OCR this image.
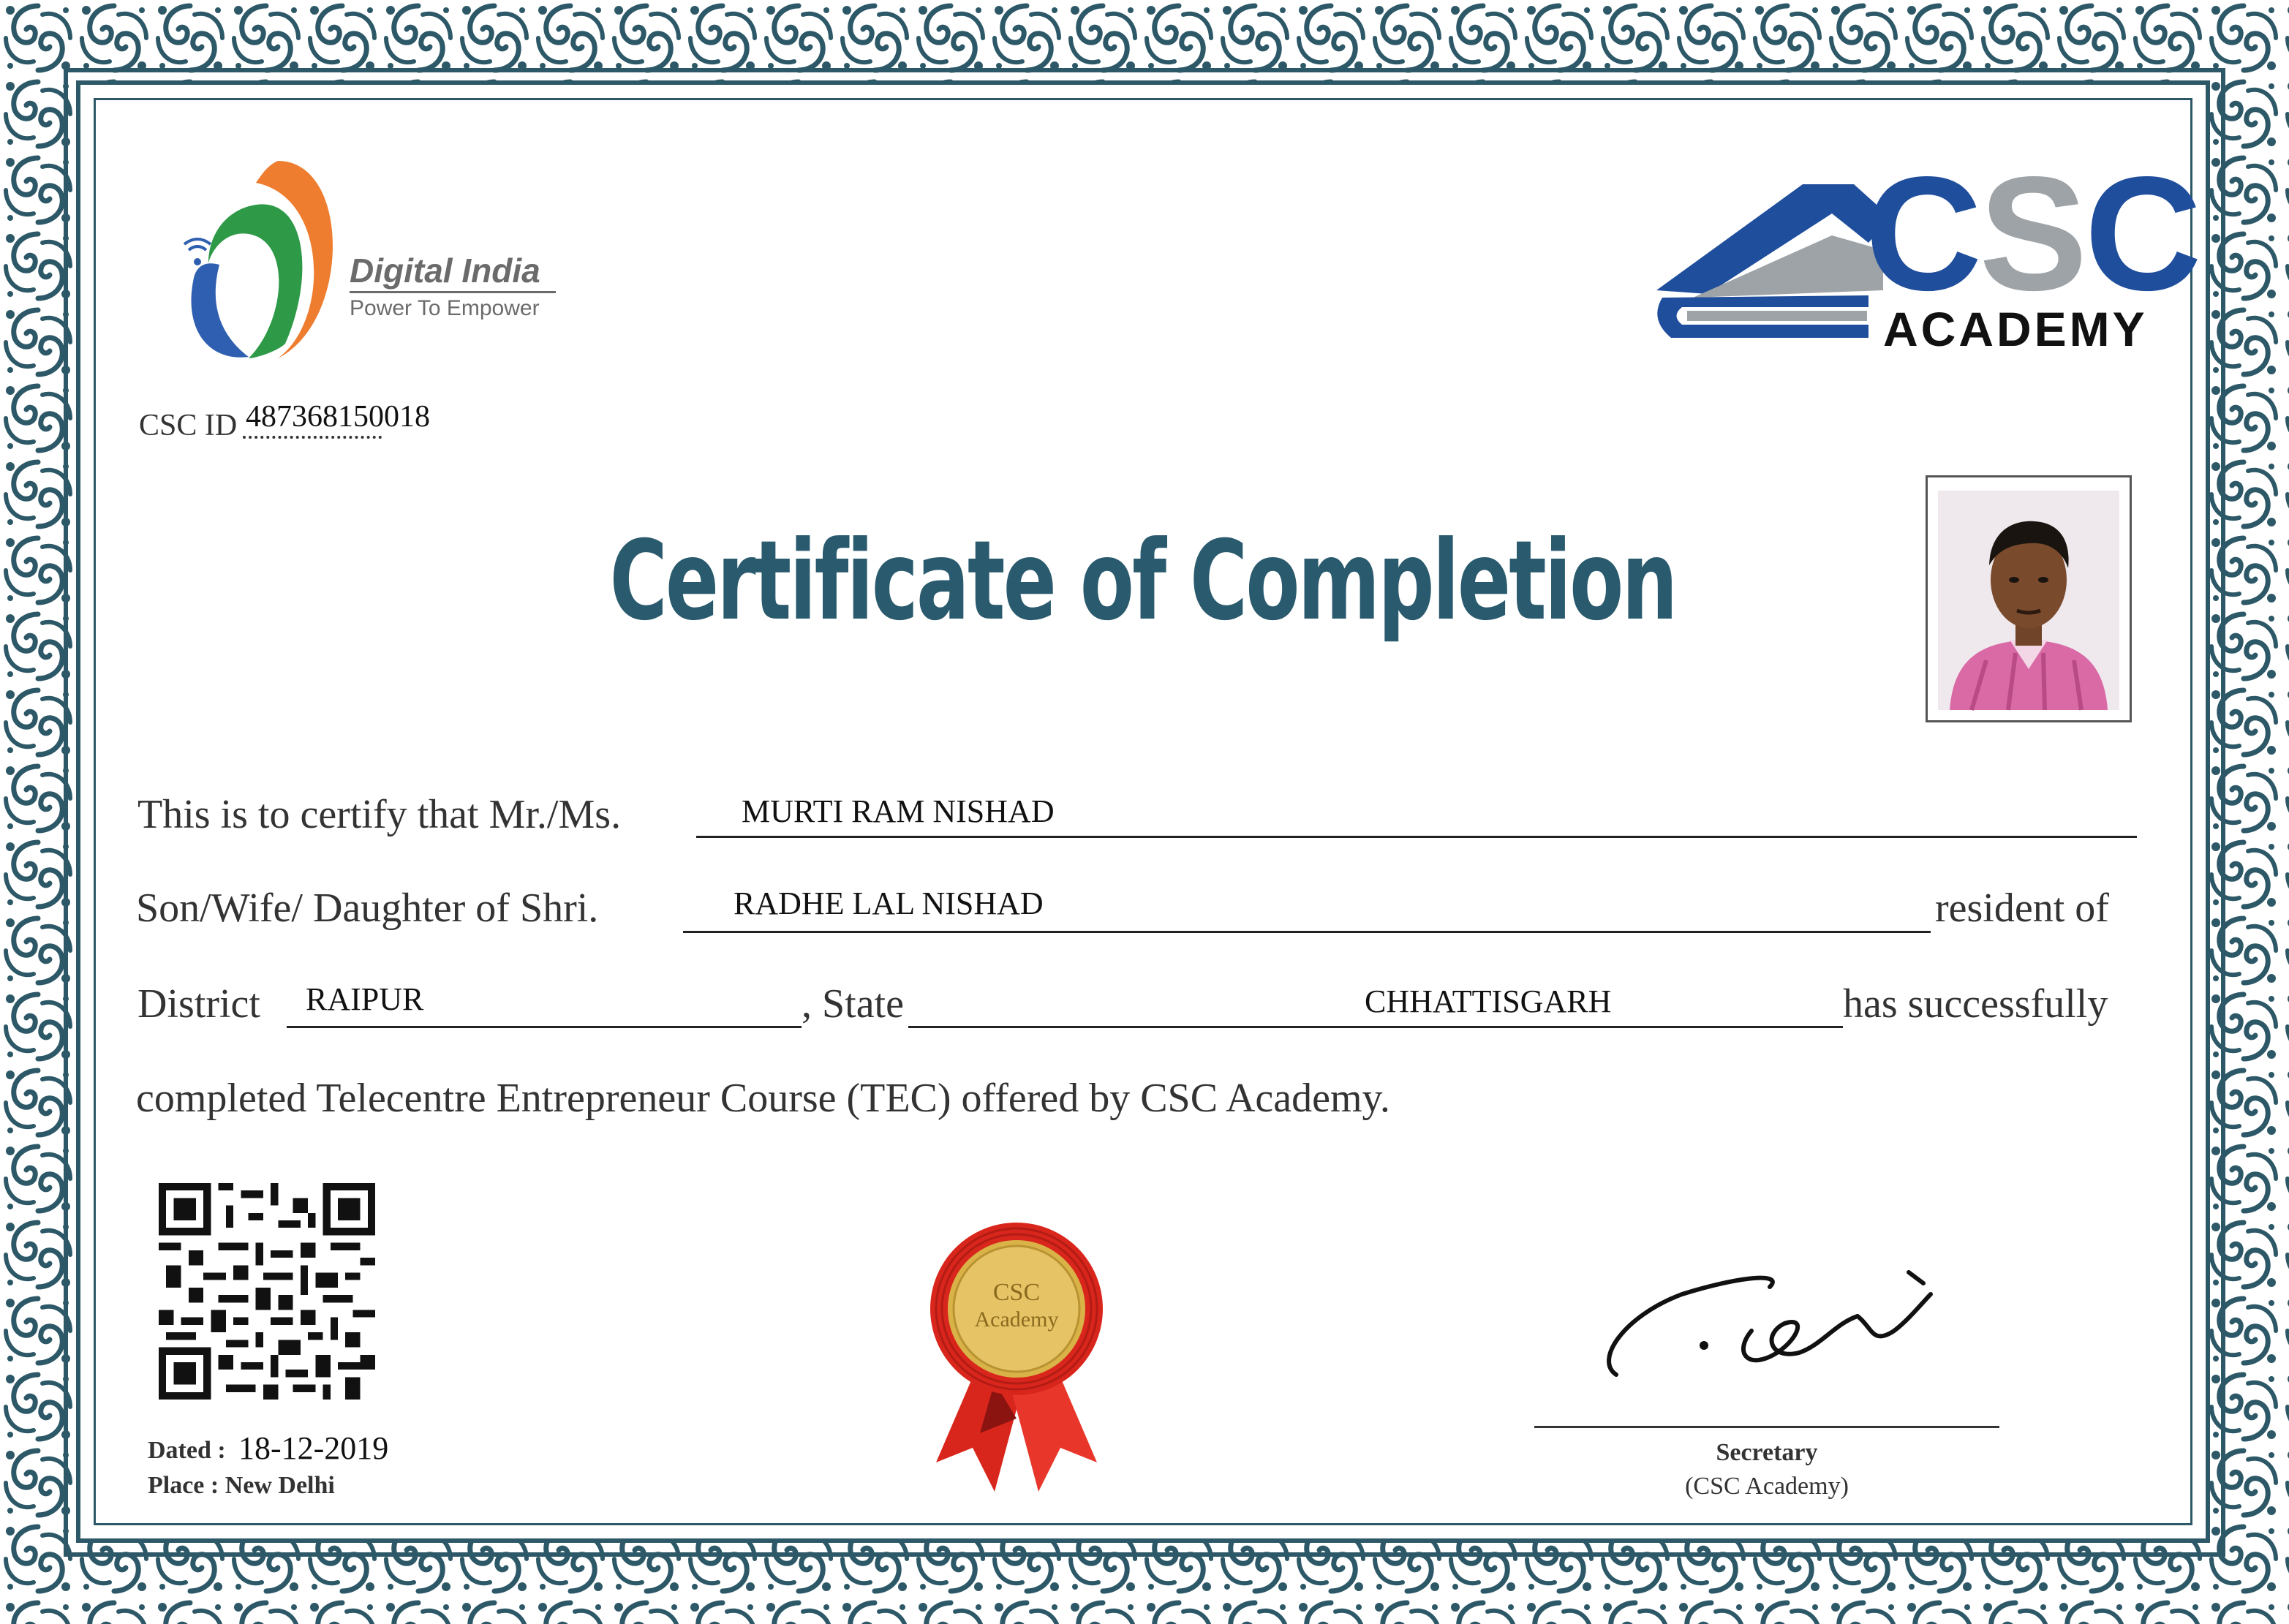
Digital India
Power To Empower	CSC
ACADEMY
CSC ID 487368150018
Certificate of Completion
This is to certify that Mr./Ms.	MURTI RAM NISHAD
Son/Wife/ Daughter of Shri.	RADHE LAL NISHAD	resident of
District RAIPUR	, State	CHHATTISGARH	has successfully
completed Telecentre Entrepreneur Course (TEC) offered by CSC Academy.
Dated : 18-12-2019
Place : New Delhi
CSC
Academy
Secretary
(CSC Academy)
